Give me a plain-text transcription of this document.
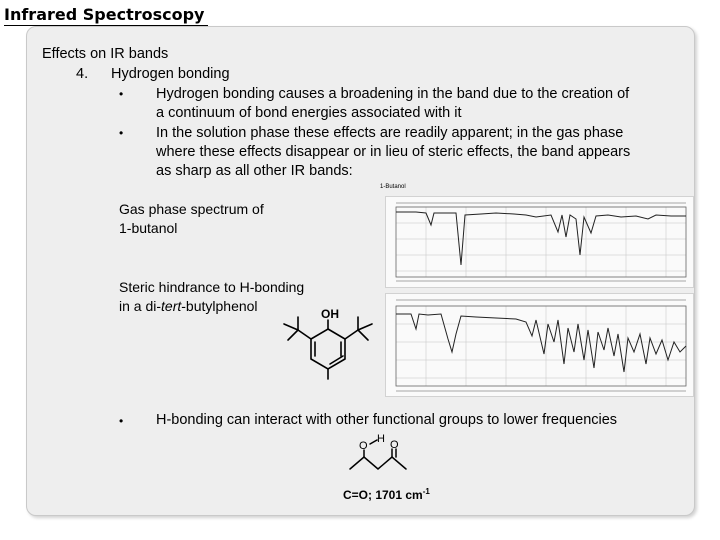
Infrared Spectroscopy
Effects on IR bands
4. Hydrogen bonding
• Hydrogen bonding causes a broadening in the band due to the creation of
a continuum of bond energies associated with it
• In the solution phase these effects are readily apparent; in the gas phase
where these effects disappear or in lieu of steric effects, the band appears
as sharp as all other IR bands:
Gas phase spectrum of
1-butanol
1-Butanol
Steric hindrance to H-bonding
in a di-tert-butylphenol	OH
• H-bonding can interact with other functional groups to lower frequencies
O
H O
C=O; 1701 $cm^{-1}$
